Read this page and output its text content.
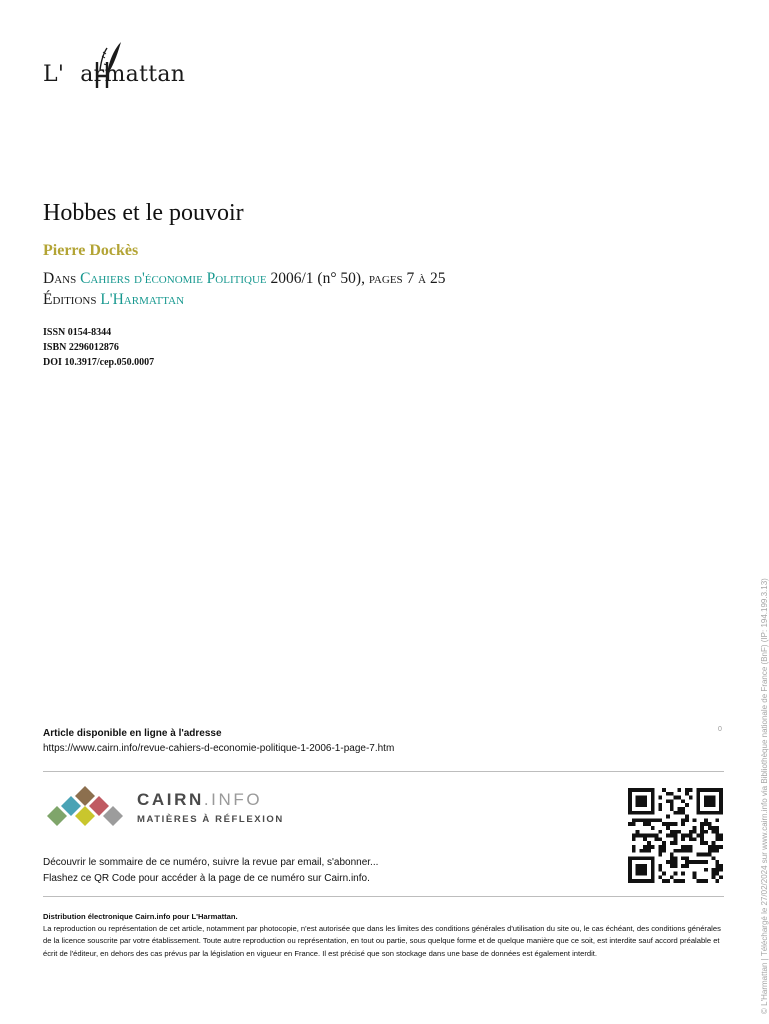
L' armattan
Hobbes et le pouvoir
Pierre Dockès
Dans Cahiers d'économie Politique 2006/1 (n° 50), pages 7 à 25
Éditions L'Harmattan
ISSN 0154-8344
ISBN 2296012876
DOI 10.3917/cep.050.0007
Article disponible en ligne à l'adresse
https://www.cairn.info/revue-cahiers-d-economie-politique-1-2006-1-page-7.htm
0
CAIRN.INFO
MATIÈRES À RÉFLEXION
Découvrir le sommaire de ce numéro, suivre la revue par email, s'abonner...
Flashez ce QR Code pour accéder à la page de ce numéro sur Cairn.info.
Distribution électronique Cairn.info pour L'Harmattan.
La reproduction ou représentation de cet article, notamment par photocopie, n'est autorisée que dans les limites des conditions générales d'utilisation du site ou, le cas échéant, des conditions générales de la licence souscrite par votre établissement. Toute autre reproduction ou représentation, en tout ou partie, sous quelque forme et de quelque manière que ce soit, est interdite sauf accord préalable et écrit de l'éditeur, en dehors des cas prévus par la législation en vigueur en France. Il est précisé que son stockage dans une base de données est également interdit.	© L'Harmattan | Téléchargé le 27/02/2024 sur www.cairn.info via Bibliothèque nationale de France (BnF) (IP: 194.199.3.13)
